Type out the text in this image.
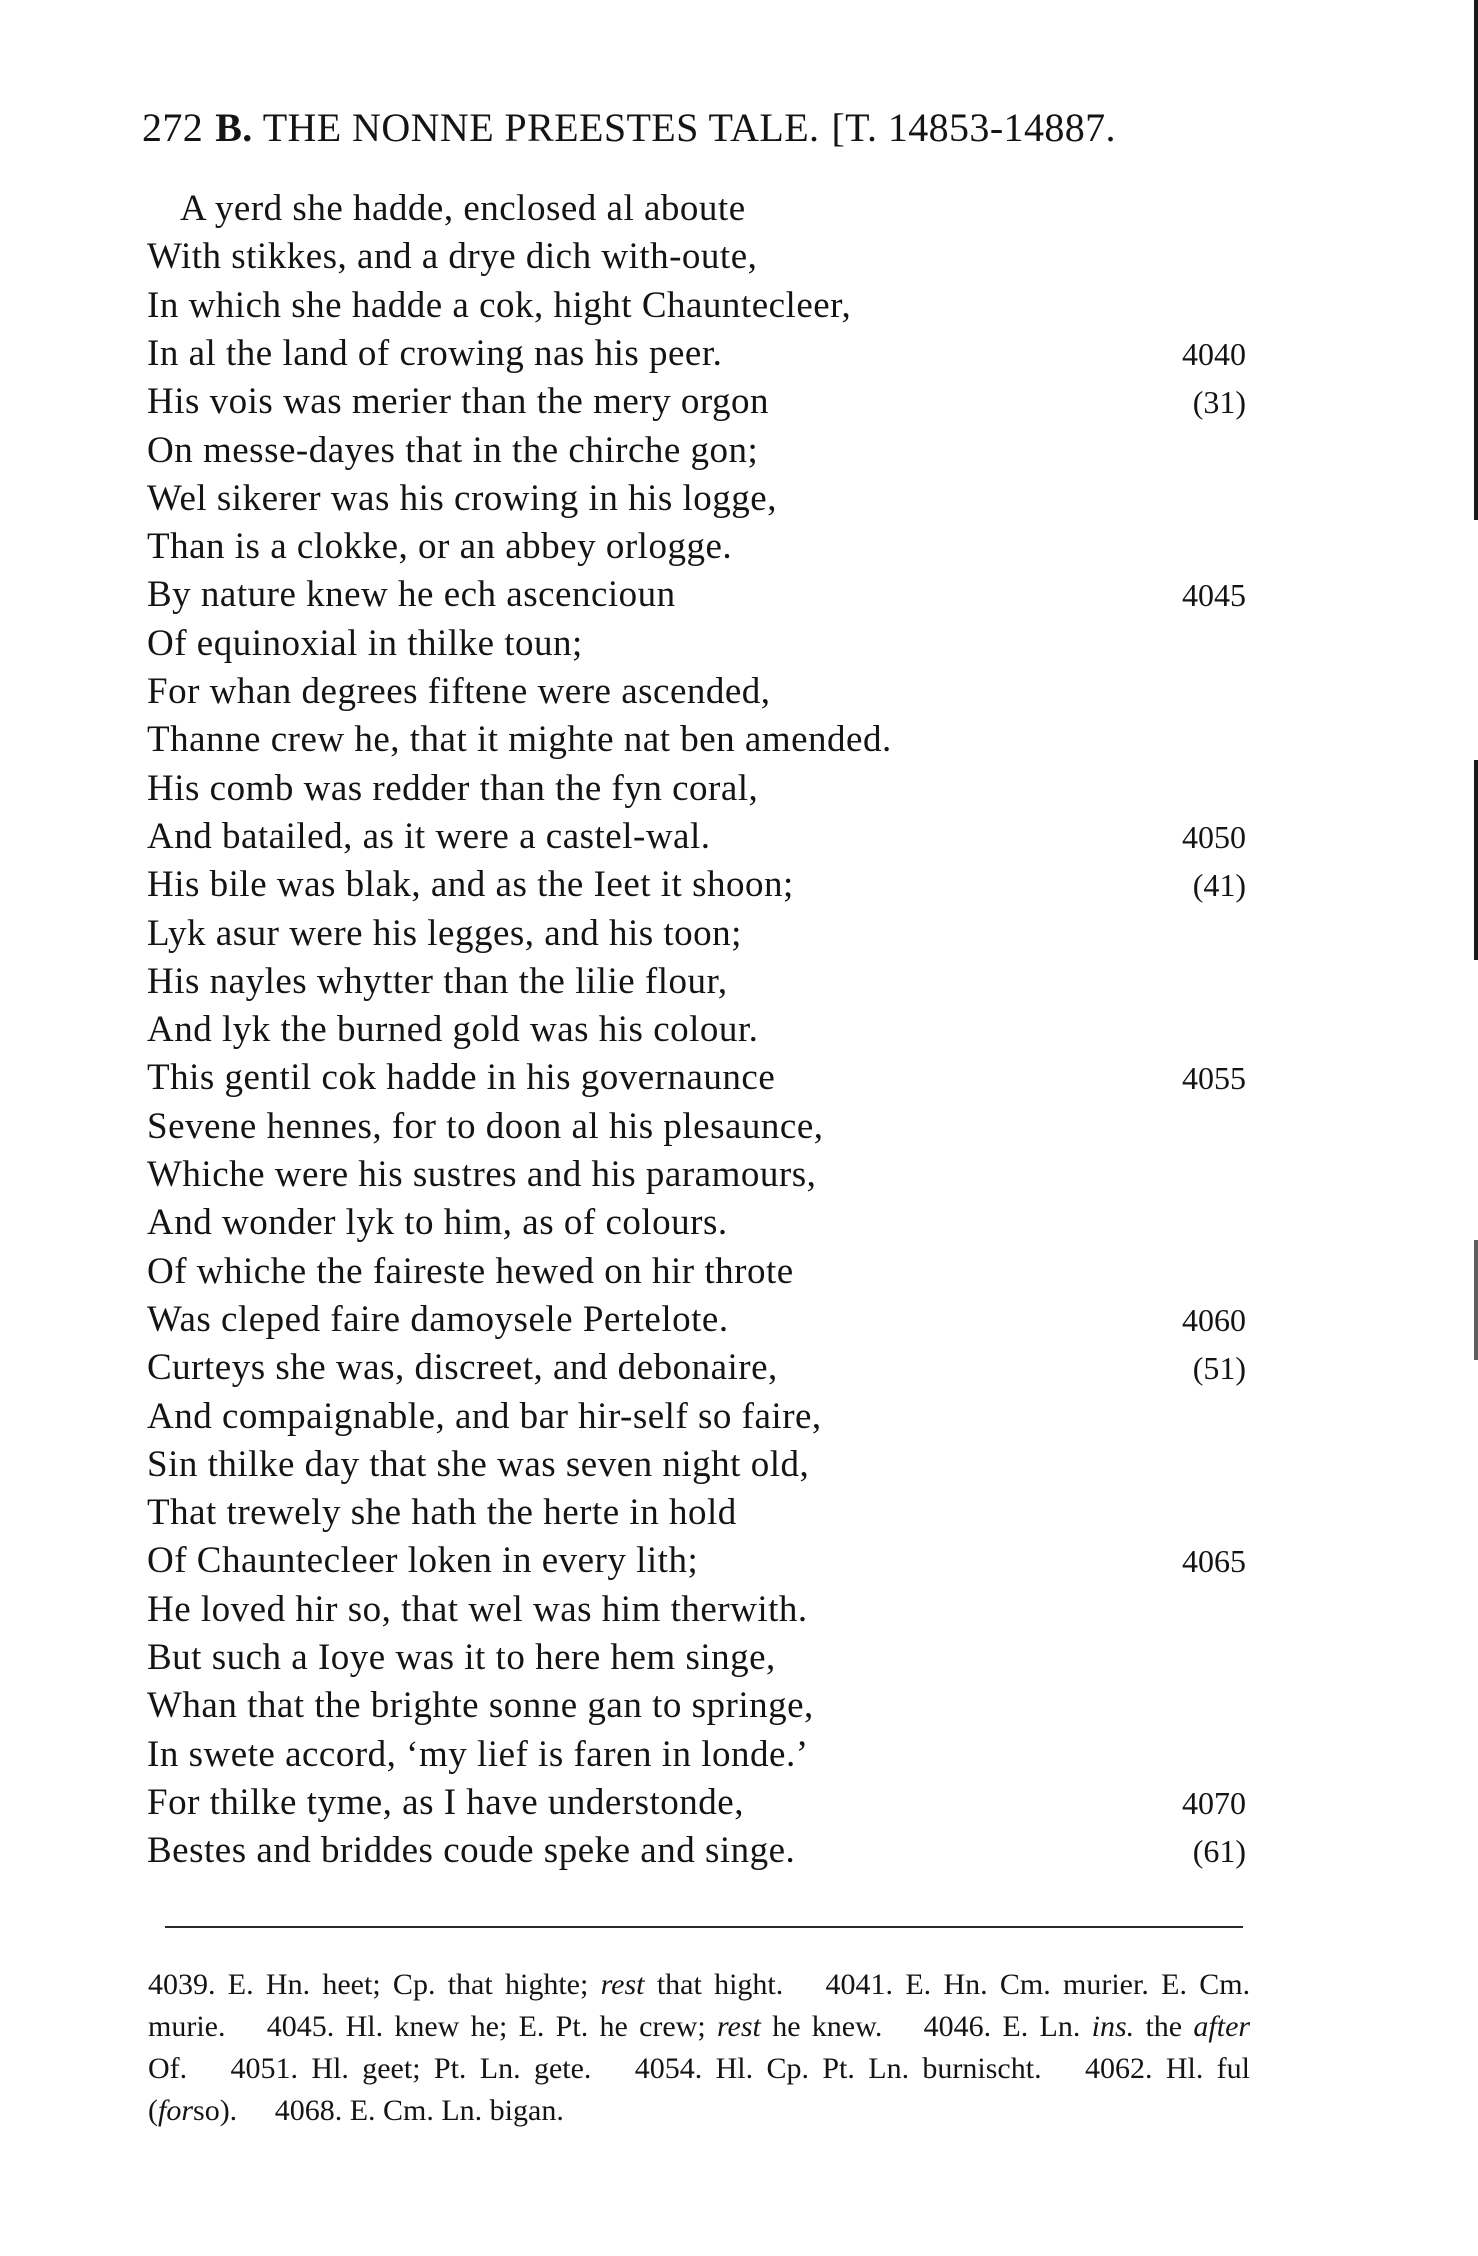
272 B. THE NONNE PREESTES TALE. [T. 14853-14887.
A yerd she hadde, enclosed al aboute
With stikkes, and a drye dich with-oute,
In which she hadde a cok, hight Chauntecleer,
In al the land of crowing nas his peer.	4040
His vois was merier than the mery orgon	(31)
On messe-dayes that in the chirche gon;
Wel sikerer was his crowing in his logge,
Than is a clokke, or an abbey orlogge.
By nature knew he ech ascencioun	4045
Of equinoxial in thilke toun;
For whan degrees fiftene were ascended,
Thanne crew he, that it mighte nat ben amended.
His comb was redder than the fyn coral,
And batailed, as it were a castel-wal.	4050
His bile was blak, and as the Ieet it shoon;	(41)
Lyk asur were his legges, and his toon;
His nayles whytter than the lilie flour,
And lyk the burned gold was his colour.
This gentil cok hadde in his governaunce	4055
Sevene hennes, for to doon al his plesaunce,
Whiche were his sustres and his paramours,
And wonder lyk to him, as of colours.
Of whiche the faireste hewed on hir throte
Was cleped faire damoysele Pertelote.	4060
Curteys she was, discreet, and debonaire,	(51)
And compaignable, and bar hir-self so faire,
Sin thilke day that she was seven night old,
That trewely she hath the herte in hold
Of Chauntecleer loken in every lith;	4065
He loved hir so, that wel was him therwith.
But such a Ioye was it to here hem singe,
Whan that the brighte sonne gan to springe,
In swete accord, ‘my lief is faren in londe.’
For thilke tyme, as I have understonde,	4070
Bestes and briddes coude speke and singe.	(61)
4039. E. Hn. heet; Cp. that highte; rest that hight. 4041. E. Hn. Cm. murier. E. Cm. murie. 4045. Hl. knew he; E. Pt. he crew; rest he knew. 4046. E. Ln. ins. the after Of. 4051. Hl. geet; Pt. Ln. gete. 4054. Hl. Cp. Pt. Ln. burnischt. 4062. Hl. ful (forso). 4068. E. Cm. Ln. bigan.
